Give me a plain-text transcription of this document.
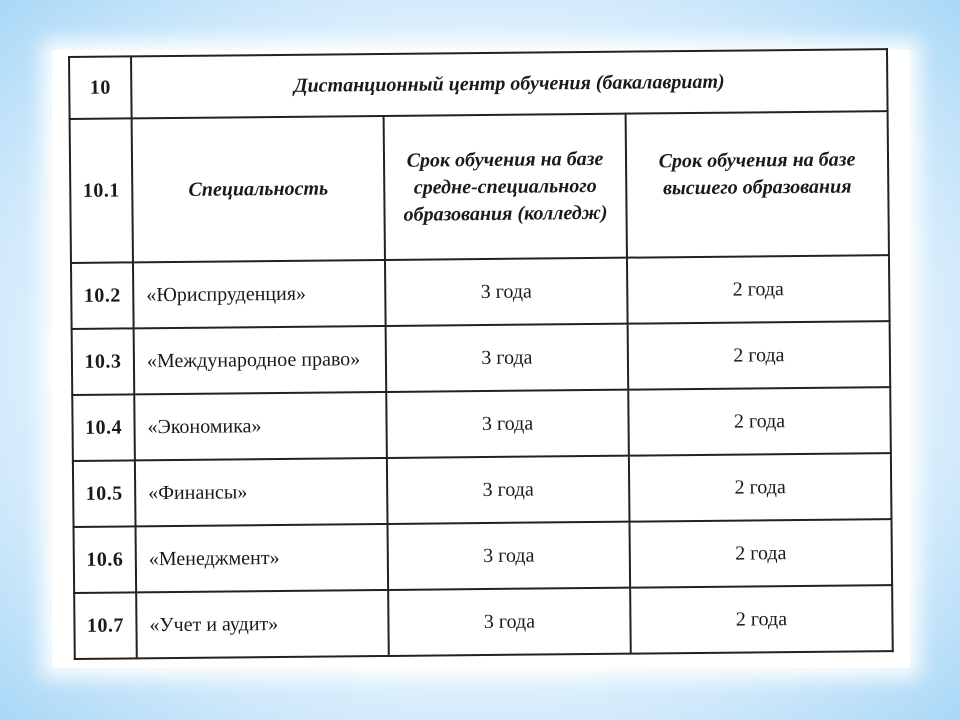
10	Дистанционный центр обучения (бакалавриат)		
10.1	Специальность	Срок обучения на базе средне-специального образования (колледж)	Срок обучения на базе высшего образования
10.2	«Юриспруденция»	3 года	2 года
10.3	«Международное право»	3 года	2 года
10.4	«Экономика»	3 года	2 года
10.5	«Финансы»	3 года	2 года
10.6	«Менеджмент»	3 года	2 года
10.7	«Учет и аудит»	3 года	2 года
